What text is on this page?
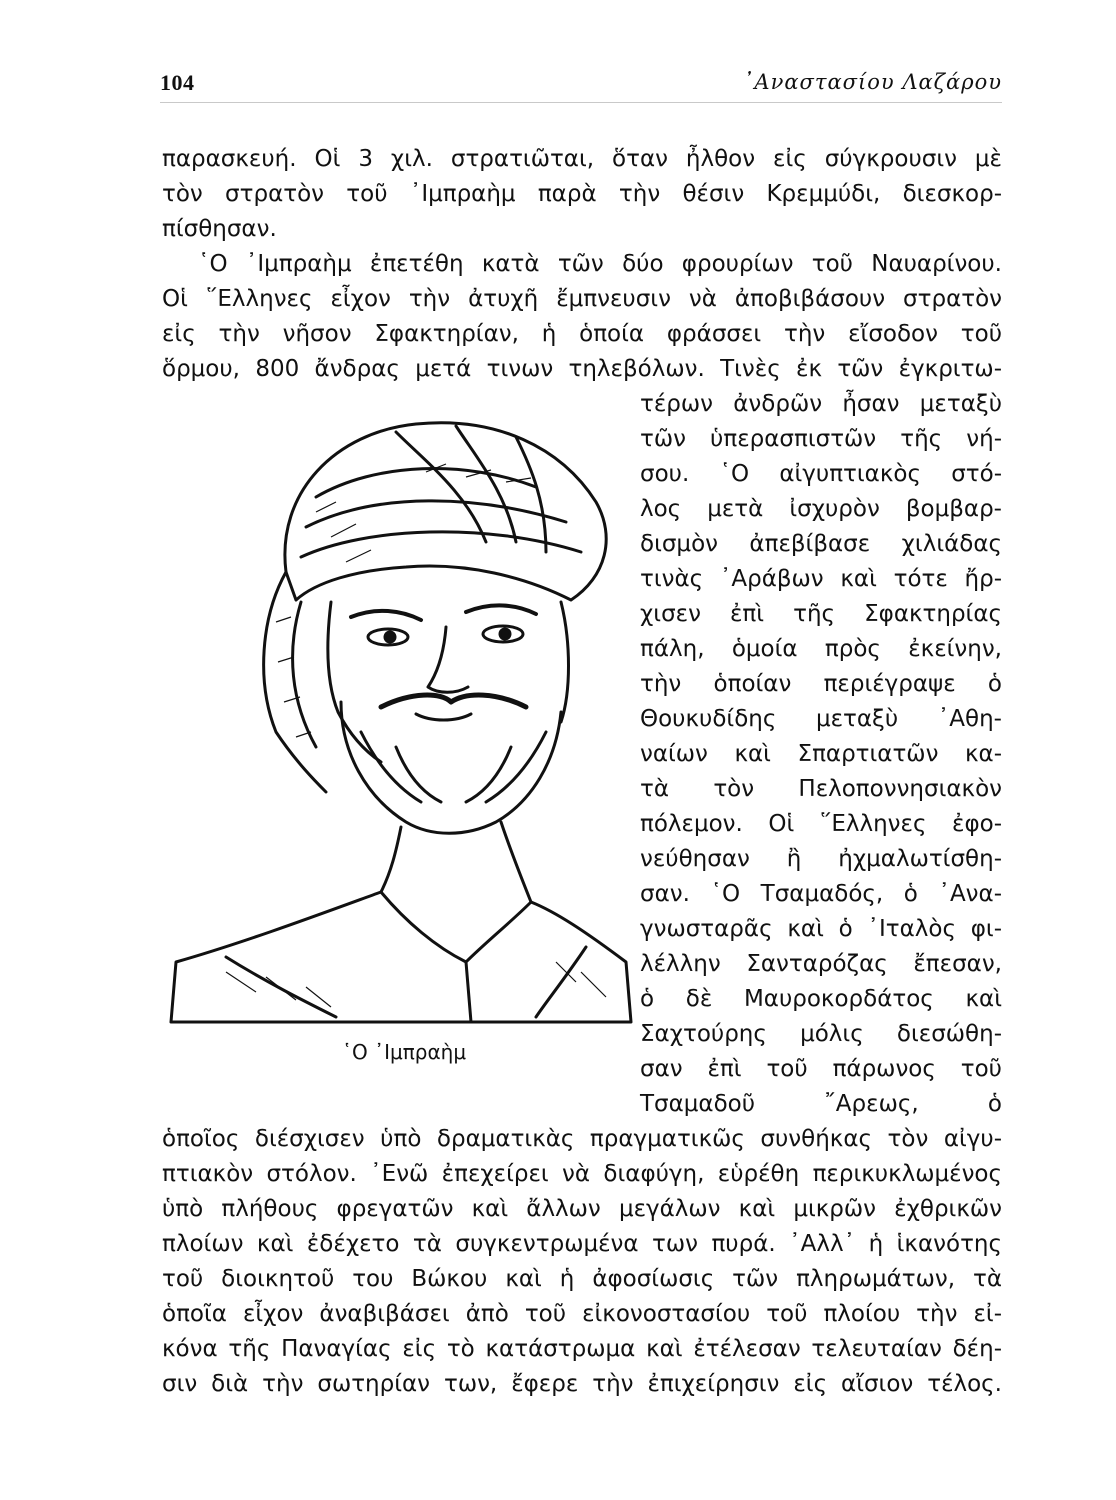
104	᾿Αναστασίου Λαζάρου
παρασκευή. Οἱ 3 χιλ. στρατιῶται, ὅταν ἦλθον εἰς σύγκρουσιν μὲ
τὸν στρατὸν τοῦ ᾿Ιμπραὴμ παρὰ τὴν θέσιν Κρεμμύδι, διεσκορ-
πίσθησαν.
῾Ο ᾿Ιμπραὴμ ἐπετέθη κατὰ τῶν δύο φρουρίων τοῦ Ναυαρίνου.
Οἱ ῞Ελληνες εἶχον τὴν ἀτυχῆ ἔμπνευσιν νὰ ἀποβιβάσουν στρατὸν
εἰς τὴν νῆσον Σφακτηρίαν, ἡ ὁποία φράσσει τὴν εἴσοδον τοῦ
ὅρμου, 800 ἄνδρας μετά τινων τηλεβόλων. Τινὲς ἐκ τῶν ἐγκριτω-
τέρων ἀνδρῶν ἦσαν μεταξὺ
τῶν ὑπερασπιστῶν τῆς νή-
σου. ῾Ο αἰγυπτιακὸς στό-
λος μετὰ ἰσχυρὸν βομβαρ-
δισμὸν ἀπεβίβασε χιλιάδας
τινὰς ᾿Αράβων καὶ τότε ἤρ-
χισεν ἐπὶ τῆς Σφακτηρίας
πάλη, ὁμοία πρὸς ἐκείνην,
τὴν ὁποίαν περιέγραψε ὁ
Θουκυδίδης μεταξὺ ᾿Αθη-
ναίων καὶ Σπαρτιατῶν κα-
τὰ τὸν Πελοποννησιακὸν
πόλεμον. Οἱ ῞Ελληνες ἐφο-
νεύθησαν ἢ ἠχμαλωτίσθη-
σαν. ῾Ο Τσαμαδός, ὁ ᾿Ανα-
γνωσταρᾶς καὶ ὁ ᾿Ιταλὸς φι-
λέλλην Σανταρόζας ἔπεσαν,
ὁ δὲ Μαυροκορδάτος καὶ
Σαχτούρης μόλις διεσώθη-
σαν ἐπὶ τοῦ πάρωνος τοῦ
Τσαμαδοῦ ῎Αρεως, ὁ
῾Ο ᾿Ιμπραὴμ
ὁποῖος διέσχισεν ὑπὸ δραματικὰς πραγματικῶς συνθήκας τὸν αἰγυ-
πτιακὸν στόλον. ᾿Ενῶ ἐπεχείρει νὰ διαφύγη, εὑρέθη περικυκλωμένος
ὑπὸ πλήθους φρεγατῶν καὶ ἄλλων μεγάλων καὶ μικρῶν ἐχθρικῶν
πλοίων καὶ ἐδέχετο τὰ συγκεντρωμένα των πυρά. ᾿Αλλ᾿ ἡ ἱκανότης
τοῦ διοικητοῦ του Βώκου καὶ ἡ ἀφοσίωσις τῶν πληρωμάτων, τὰ
ὁποῖα εἶχον ἀναβιβάσει ἀπὸ τοῦ εἰκονοστασίου τοῦ πλοίου τὴν εἰ-
κόνα τῆς Παναγίας εἰς τὸ κατάστρωμα καὶ ἐτέλεσαν τελευταίαν δέη-
σιν διὰ τὴν σωτηρίαν των, ἔφερε τὴν ἐπιχείρησιν εἰς αἴσιον τέλος.
